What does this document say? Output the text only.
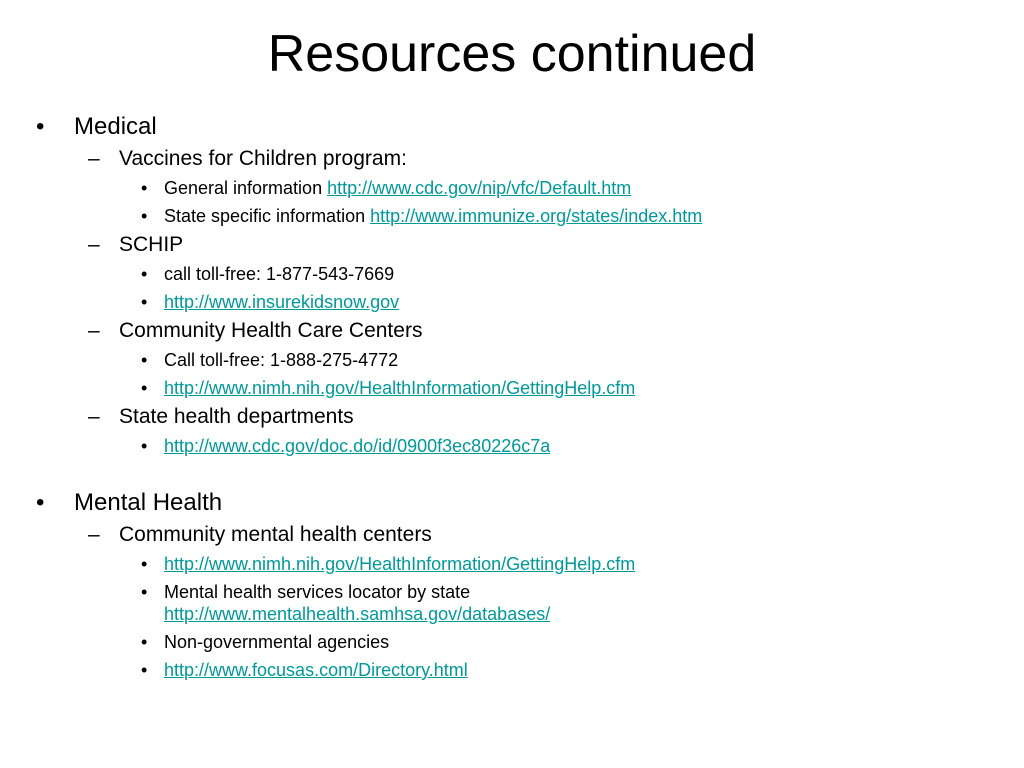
Resources continued
• Medical
– Vaccines for Children program:
• General information http://www.cdc.gov/nip/vfc/Default.htm
• State specific information http://www.immunize.org/states/index.htm
– SCHIP
• call toll-free: 1-877-543-7669
• http://www.insurekidsnow.gov
– Community Health Care Centers
• Call toll-free: 1-888-275-4772
• http://www.nimh.nih.gov/HealthInformation/GettingHelp.cfm
– State health departments
• http://www.cdc.gov/doc.do/id/0900f3ec80226c7a
• Mental Health
– Community mental health centers
• http://www.nimh.nih.gov/HealthInformation/GettingHelp.cfm
• Mental health services locator by state
http://www.mentalhealth.samhsa.gov/databases/
• Non-governmental agencies
• http://www.focusas.com/Directory.html
